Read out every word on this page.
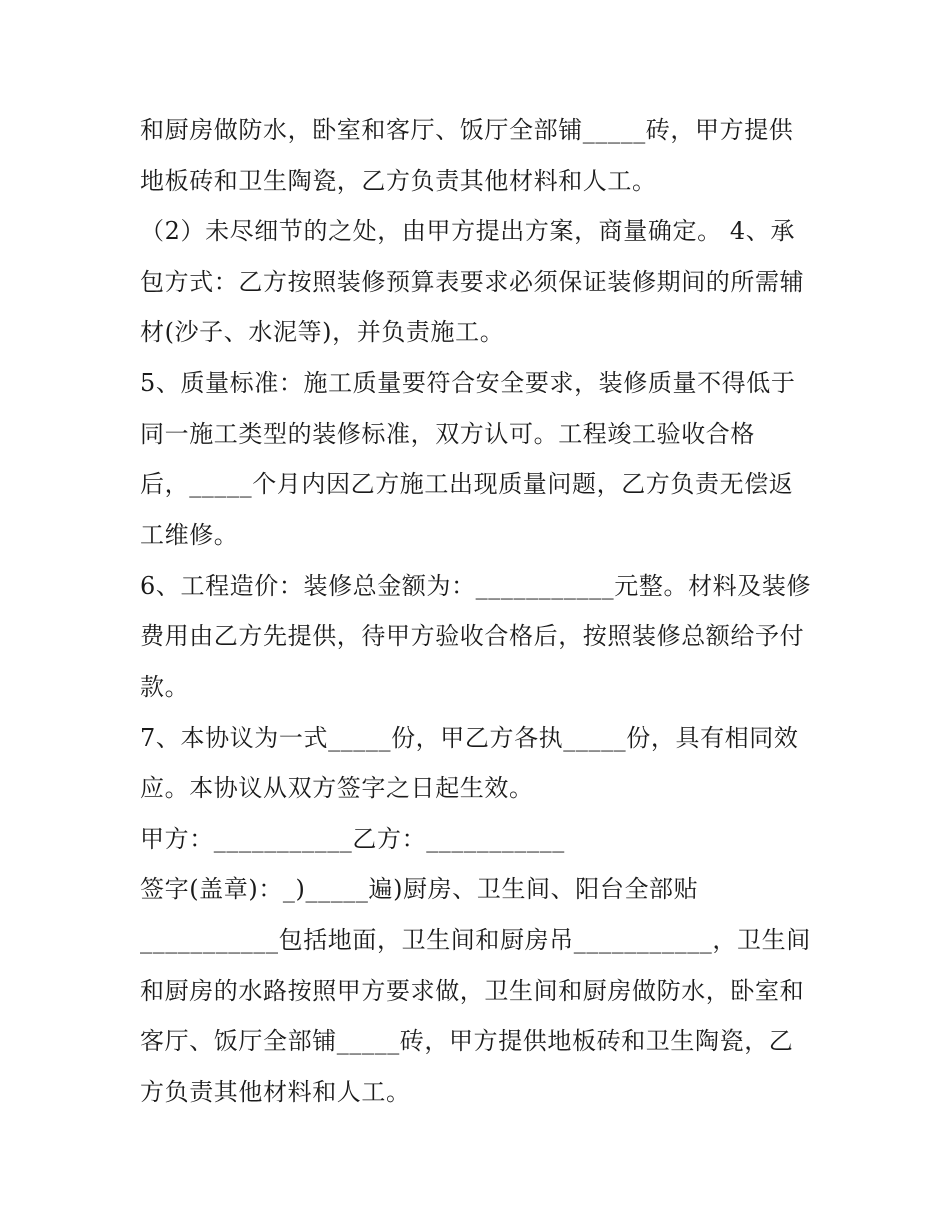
和厨房做防水，卧室和客厅、饭厅全部铺_____砖，甲方提供
地板砖和卫生陶瓷，乙方负责其他材料和人工。
（2）未尽细节的之处，由甲方提出方案，商量确定。 4、承
包方式：乙方按照装修预算表要求必须保证装修期间的所需辅
材(沙子、水泥等)，并负责施工。
5、质量标准：施工质量要符合安全要求，装修质量不得低于
同一施工类型的装修标准，双方认可。工程竣工验收合格
后，_____个月内因乙方施工出现质量问题，乙方负责无偿返
工维修。
6、工程造价：装修总金额为：___________元整。材料及装修
费用由乙方先提供，待甲方验收合格后，按照装修总额给予付
款。
7、本协议为一式_____份，甲乙方各执_____份，具有相同效
应。本协议从双方签字之日起生效。
甲方：___________乙方：___________
签字(盖章)：_)_____遍)厨房、卫生间、阳台全部贴
___________包括地面，卫生间和厨房吊___________，卫生间
和厨房的水路按照甲方要求做，卫生间和厨房做防水，卧室和
客厅、饭厅全部铺_____砖，甲方提供地板砖和卫生陶瓷，乙
方负责其他材料和人工。
